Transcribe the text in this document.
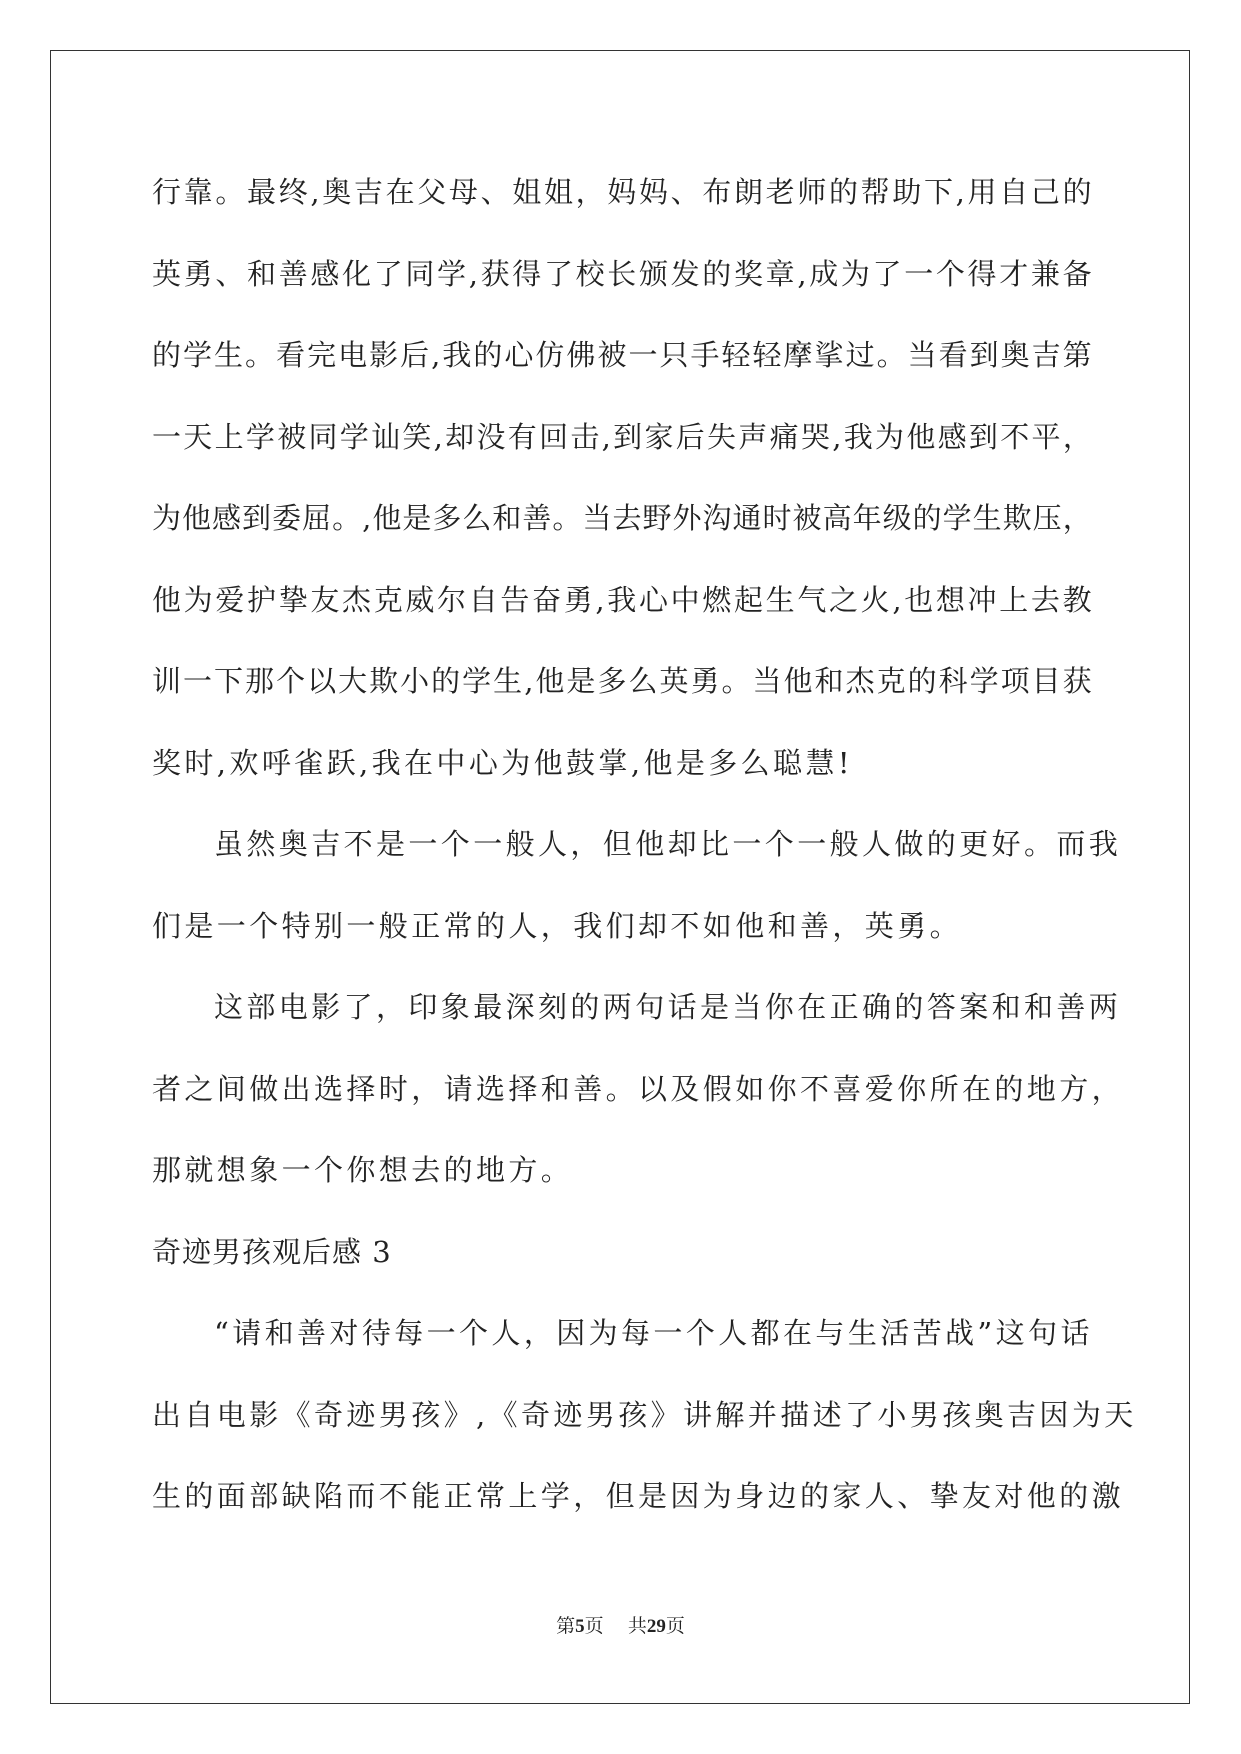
行 靠 。 最 终 , 奥 吉 在 父 母 、 姐 姐 ， 妈 妈 、 布 朗 老 师 的 帮 助 下 , 用 自 己 的
英 勇 、 和 善 感 化 了 同 学 , 获 得 了 校 长 颁 发 的 奖 章 , 成 为 了 一 个 得 才 兼 备
的 学 生 。 看 完 电 影 后 , 我 的 心 仿 佛 被 一 只 手 轻 轻 摩 挲 过 。 当 看 到 奥 吉 第
一 天 上 学 被 同 学 讪 笑 , 却 没 有 回 击 , 到 家 后 失 声 痛 哭 , 我 为 他 感 到 不 平 ，
为 他 感 到 委 屈 。 , 他 是 多 么 和 善 。 当 去 野 外 沟 通 时 被 高 年 级 的 学 生 欺 压 ，
他 为 爱 护 挚 友 杰 克 威 尔 自 告 奋 勇 , 我 心 中 燃 起 生 气 之 火 , 也 想 冲 上 去 教
训 一 下 那 个 以 大 欺 小 的 学 生 , 他 是 多 么 英 勇 。 当 他 和 杰 克 的 科 学 项 目 获
奖时,欢呼雀跃,我在中心为他鼓掌,他是多么聪慧!
虽然奥吉不是一个一般人，但他却比一个一般人做的更好。而我
们是一个特别一般正常的人，我们却不如他和善，英勇。
这部电影了，印象最深刻的两句话是当你在正确的答案和和善两
者之间做出选择时，请选择和善。以及假如你不喜爱你所在的地方，
那就想象一个你想去的地方。
奇迹男孩观后感 3
“请和善对待每一个人，因为每一个人都在与生活苦战”这句话
出自电影《奇迹男孩》,《奇迹男孩》讲解并描述了小男孩奥吉因为天
生的面部缺陷而不能正常上学，但是因为身边的家人、挚友对他的激
第5页 共29页
